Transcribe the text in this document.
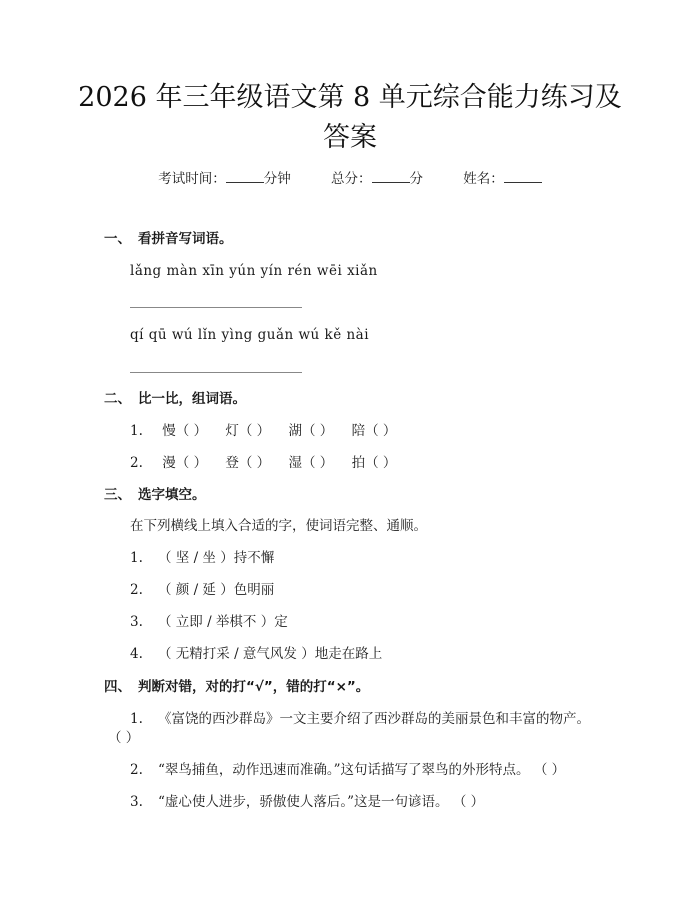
2026 年三年级语文第 8 单元综合能力练习及
答案
考试时间：	分钟	总分：	分	姓名：
一、 看拼音写词语。
lǎng màn xīn yún yín rén wēi xiǎn
qí qū wú lǐn yìng guǎn wú kě nài
二、 比一比，组词语。
1. 慢（ ） 灯（ ） 湖（ ） 陪（ ）
2. 漫（ ） 登（ ） 湿（ ） 拍（ ）
三、 选字填空。
在下列横线上填入合适的字，使词语完整、通顺。
1. （ 坚 / 坐 ）持不懈
2. （ 颜 / 延 ）色明丽
3. （ 立即 / 举棋不 ）定
4. （ 无精打采 / 意气风发 ）地走在路上
四、 判断对错，对的打“√”，错的打“×”。
1. 《富饶的西沙群岛》一文主要介绍了西沙群岛的美丽景色和丰富的物产。
（ ）
2. “翠鸟捕鱼，动作迅速而准确。”这句话描写了翠鸟的外形特点。 （ ）
3. “虚心使人进步，骄傲使人落后。”这是一句谚语。 （ ）
